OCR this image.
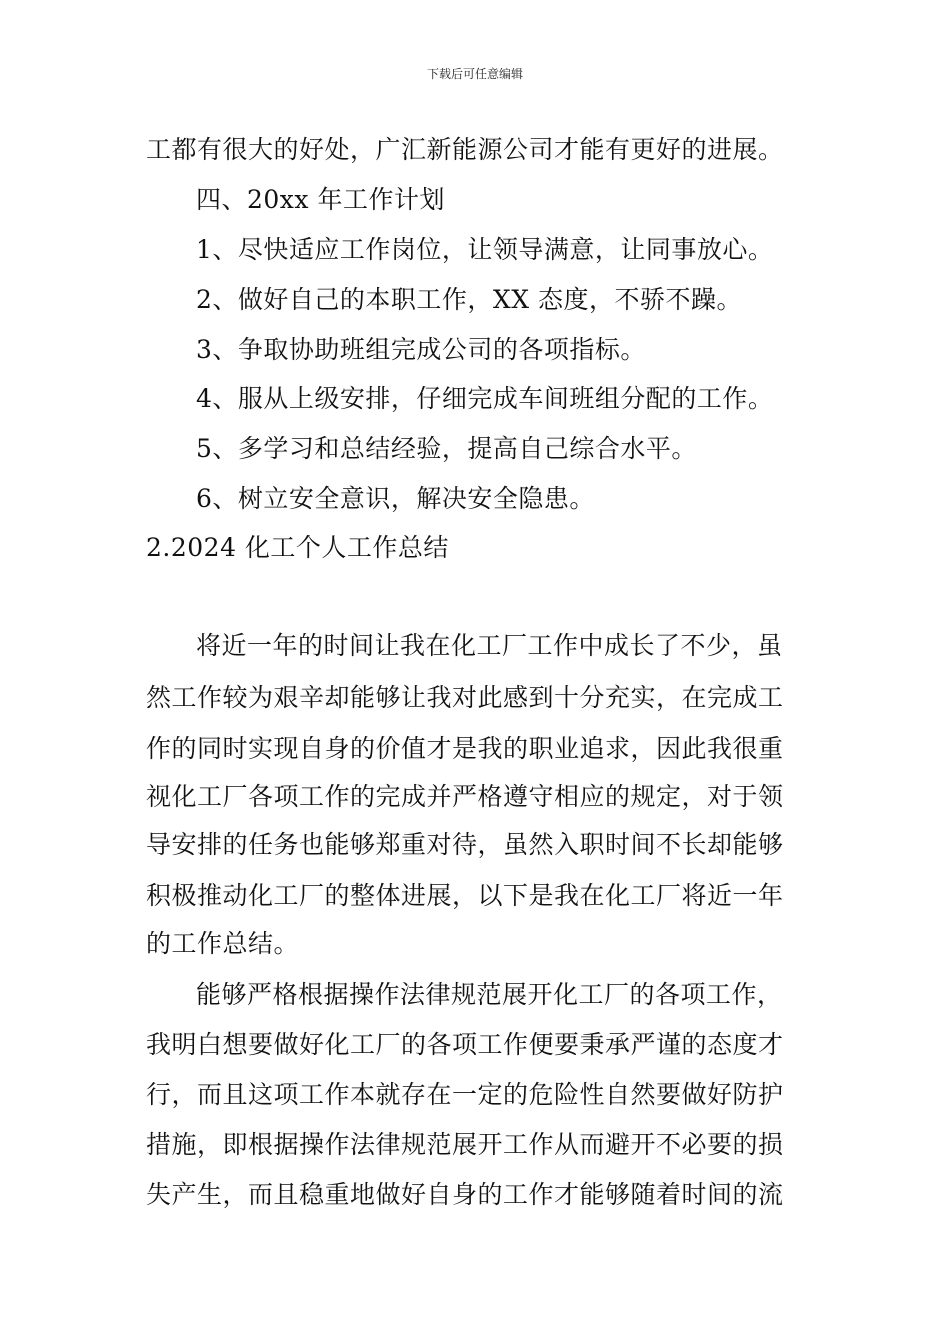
下载后可任意编辑
工都有很大的好处，广汇新能源公司才能有更好的进展。
四、20xx 年工作计划
1、尽快适应工作岗位，让领导满意，让同事放心。
2、做好自己的本职工作，XX 态度，不骄不躁。
3、争取协助班组完成公司的各项指标。
4、服从上级安排，仔细完成车间班组分配的工作。
5、多学习和总结经验，提高自己综合水平。
6、树立安全意识，解决安全隐患。
2.2024 化工个人工作总结
将近一年的时间让我在化工厂工作中成长了不少，虽
然工作较为艰辛却能够让我对此感到十分充实，在完成工
作的同时实现自身的价值才是我的职业追求，因此我很重
视化工厂各项工作的完成并严格遵守相应的规定，对于领
导安排的任务也能够郑重对待，虽然入职时间不长却能够
积极推动化工厂的整体进展，以下是我在化工厂将近一年
的工作总结。
能够严格根据操作法律规范展开化工厂的各项工作，
我明白想要做好化工厂的各项工作便要秉承严谨的态度才
行，而且这项工作本就存在一定的危险性自然要做好防护
措施，即根据操作法律规范展开工作从而避开不必要的损
失产生，而且稳重地做好自身的工作才能够随着时间的流
